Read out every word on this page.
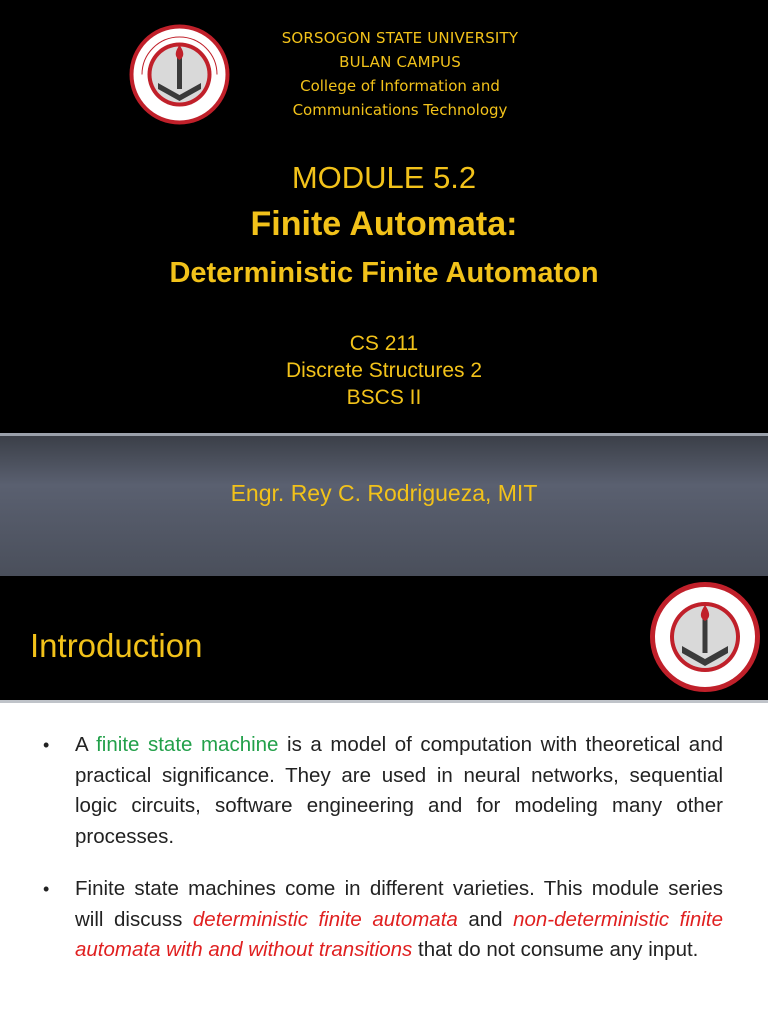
SORSOGON STATE UNIVERSITY
BULAN CAMPUS
College of Information and
Communications Technology
MODULE 5.2
Finite Automata:
Deterministic Finite Automaton
CS 211
Discrete Structures 2
BSCS II
Engr. Rey C. Rodrigueza, MIT
Introduction
•	A finite state machine is a model of computation with theoretical and practical significance. They are used in neural networks, sequential logic circuits, software engineering and for modeling many other processes.
•	Finite state machines come in different varieties. This module series will discuss deterministic finite automata and non-deterministic finite automata with and without transitions that do not consume any input.
